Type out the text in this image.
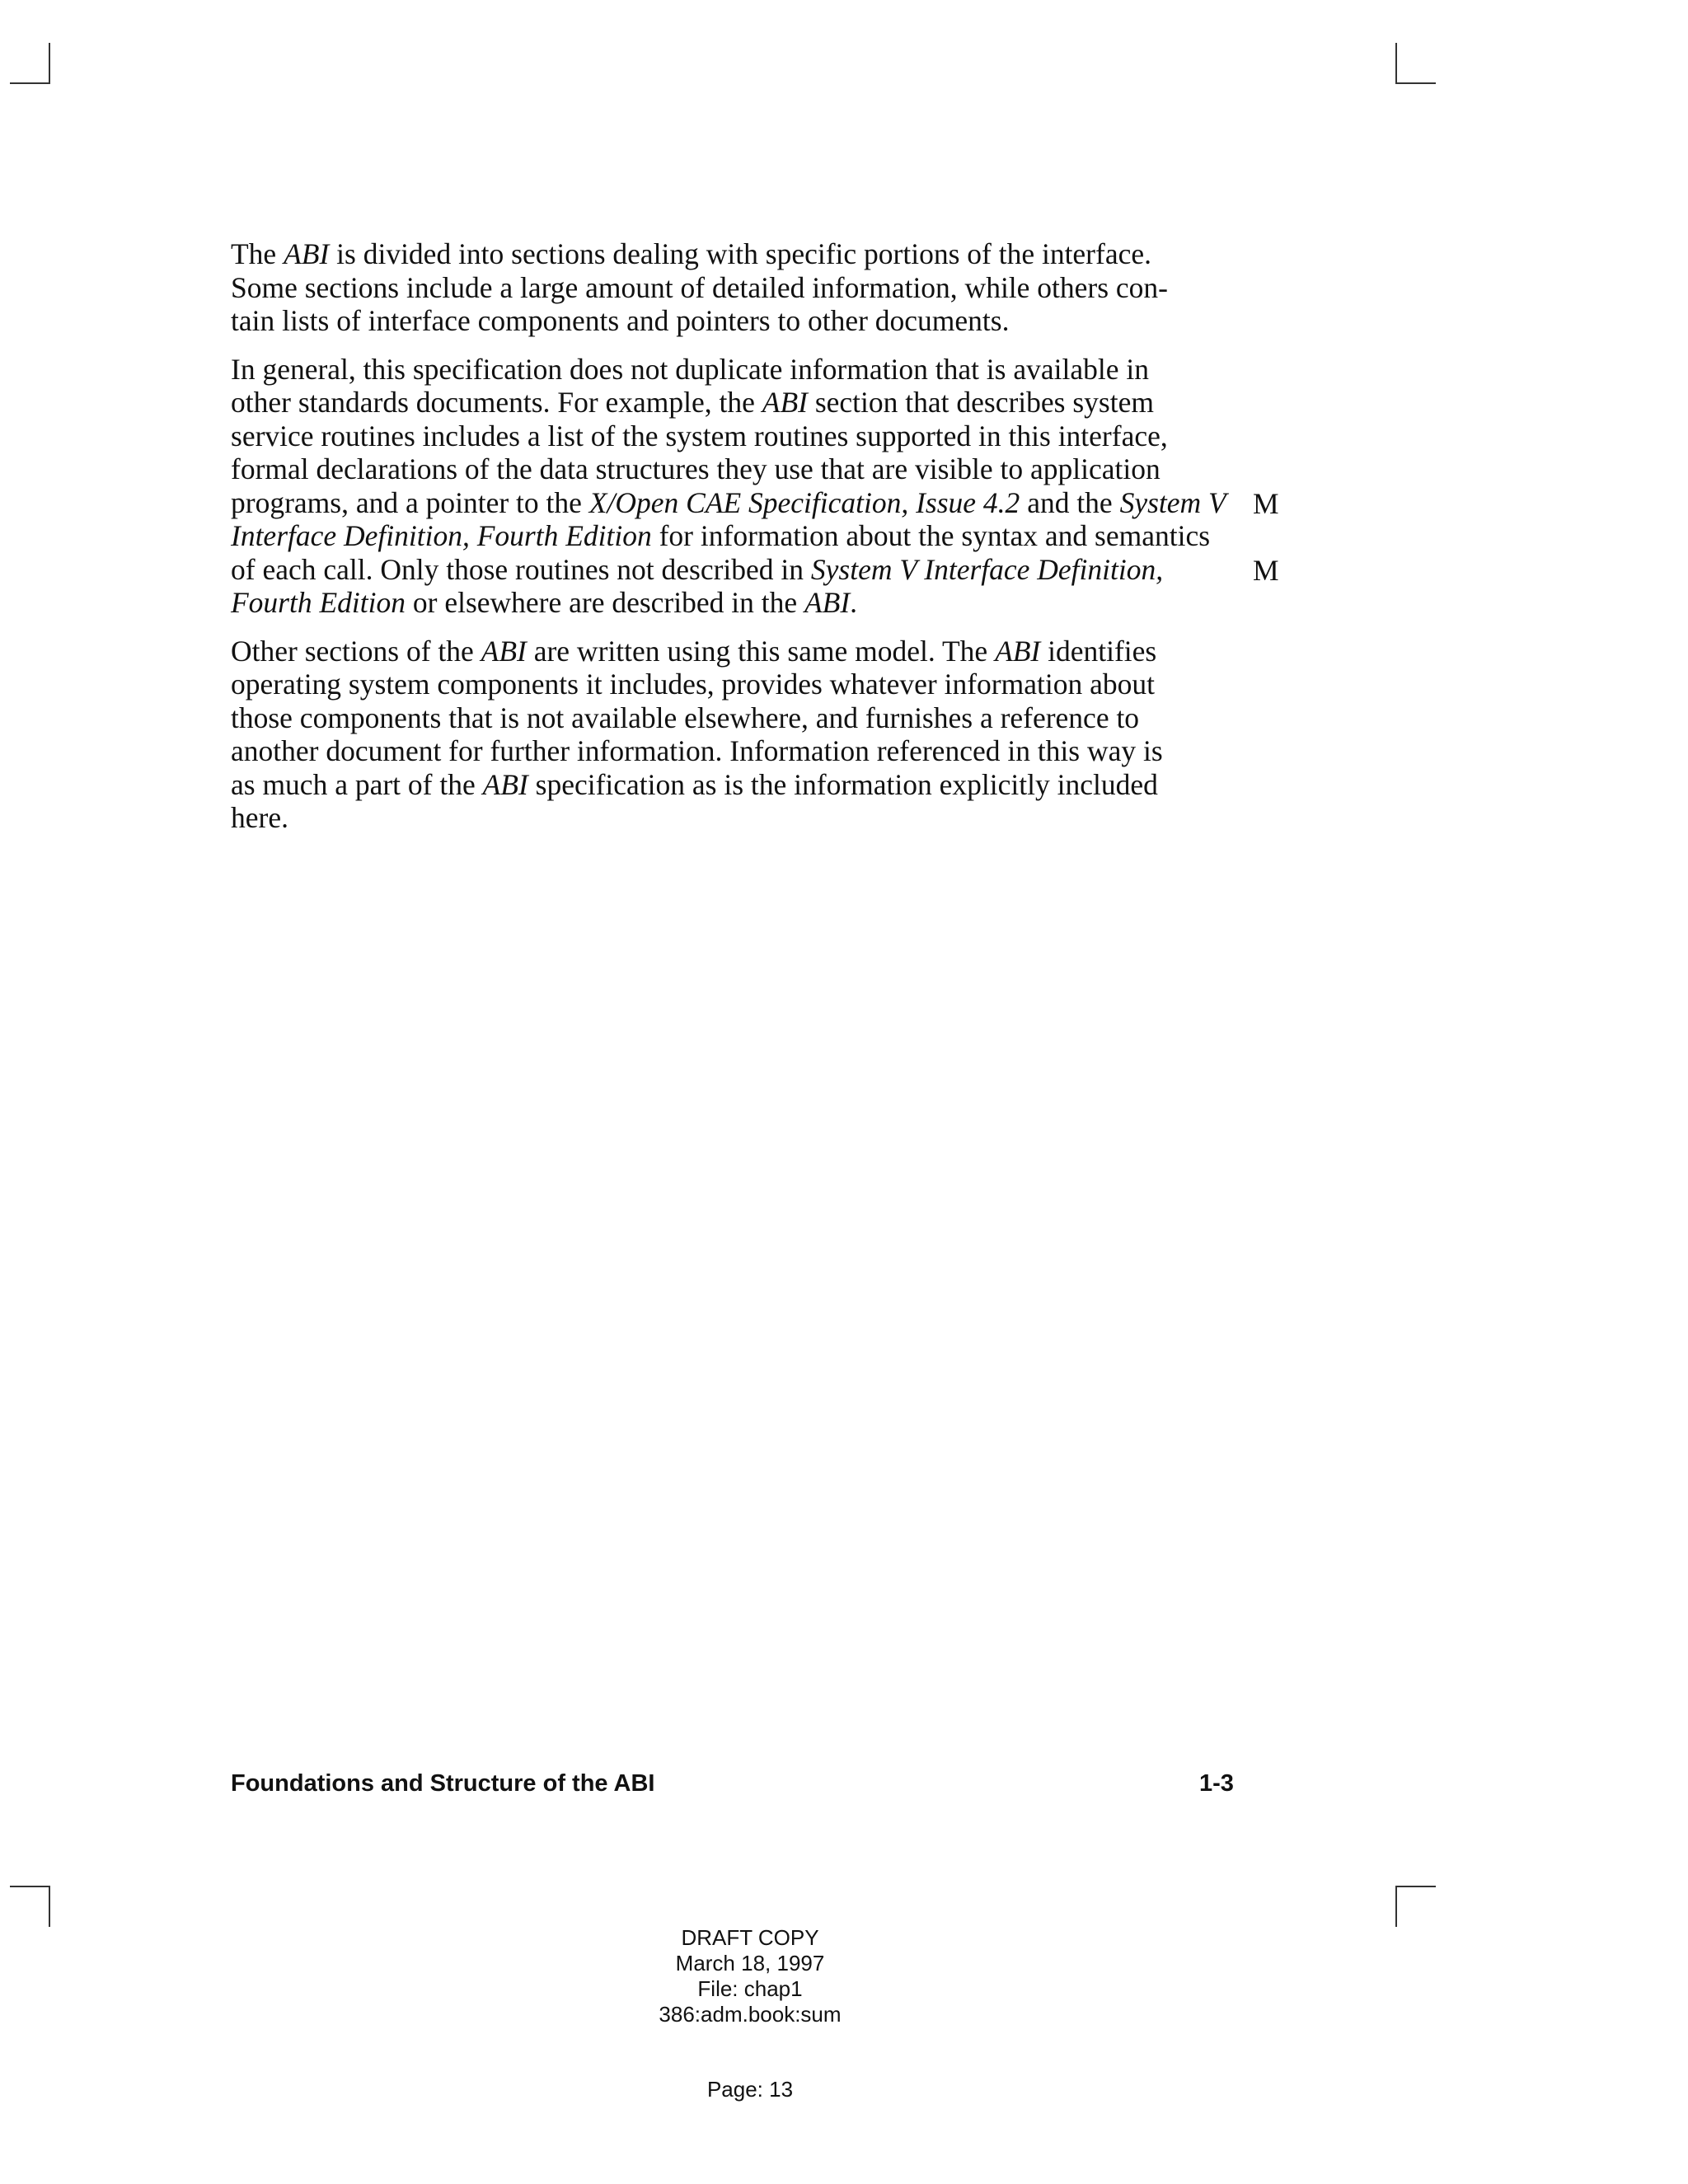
The ABI is divided into sections dealing with specific portions of the interface.
Some sections include a large amount of detailed information, while others con-
tain lists of interface components and pointers to other documents.
In general, this specification does not duplicate information that is available in
other standards documents. For example, the ABI section that describes system
service routines includes a list of the system routines supported in this interface,
formal declarations of the data structures they use that are visible to application
programs, and a pointer to the X/Open CAE Specification, Issue 4.2 and the System V
Interface Definition, Fourth Edition for information about the syntax and semantics
of each call. Only those routines not described in System V Interface Definition,
Fourth Edition or elsewhere are described in the ABI.
Other sections of the ABI are written using this same model. The ABI identifies
operating system components it includes, provides whatever information about
those components that is not available elsewhere, and furnishes a reference to
another document for further information. Information referenced in this way is
as much a part of the ABI specification as is the information explicitly included
here.
M
M
Foundations and Structure of the ABI	1-3
DRAFT COPY
March 18, 1997
File: chap1
386:adm.book:sum
Page: 13
